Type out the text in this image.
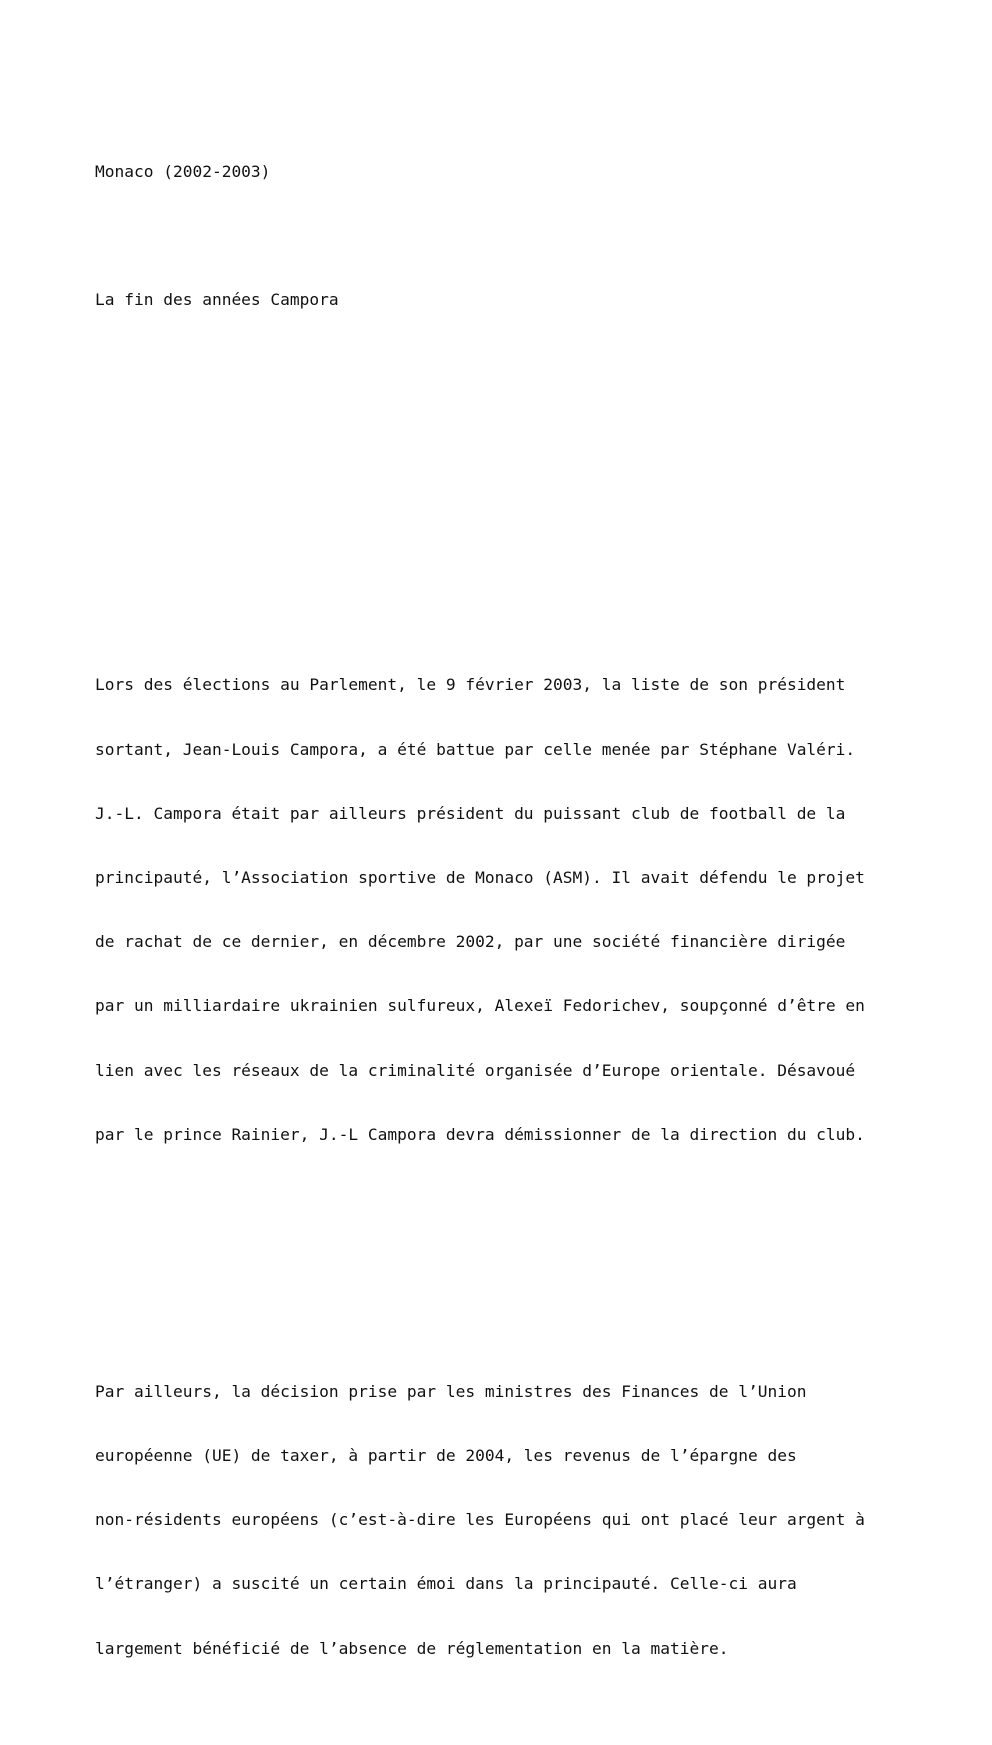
Monaco (2002-2003)

La fin des années Campora

Lors des élections au Parlement, le 9 février 2003, la liste de son président

sortant, Jean-Louis Campora, a été battue par celle menée par Stéphane Valéri.

J.-L. Campora était par ailleurs président du puissant club de football de la

principauté, l’Association sportive de Monaco (ASM). Il avait défendu le projet

de rachat de ce dernier, en décembre 2002, par une société financière dirigée

par un milliardaire ukrainien sulfureux, Alexeï Fedorichev, soupçonné d’être en

lien avec les réseaux de la criminalité organisée d’Europe orientale. Désavoué

par le prince Rainier, J.-L Campora devra démissionner de la direction du club.

Par ailleurs, la décision prise par les ministres des Finances de l’Union

européenne (UE) de taxer, à partir de 2004, les revenus de l’épargne des

non-résidents européens (c’est-à-dire les Européens qui ont placé leur argent à

l’étranger) a suscité un certain émoi dans la principauté. Celle-ci aura

largement bénéficié de l’absence de réglementation en la matière.
